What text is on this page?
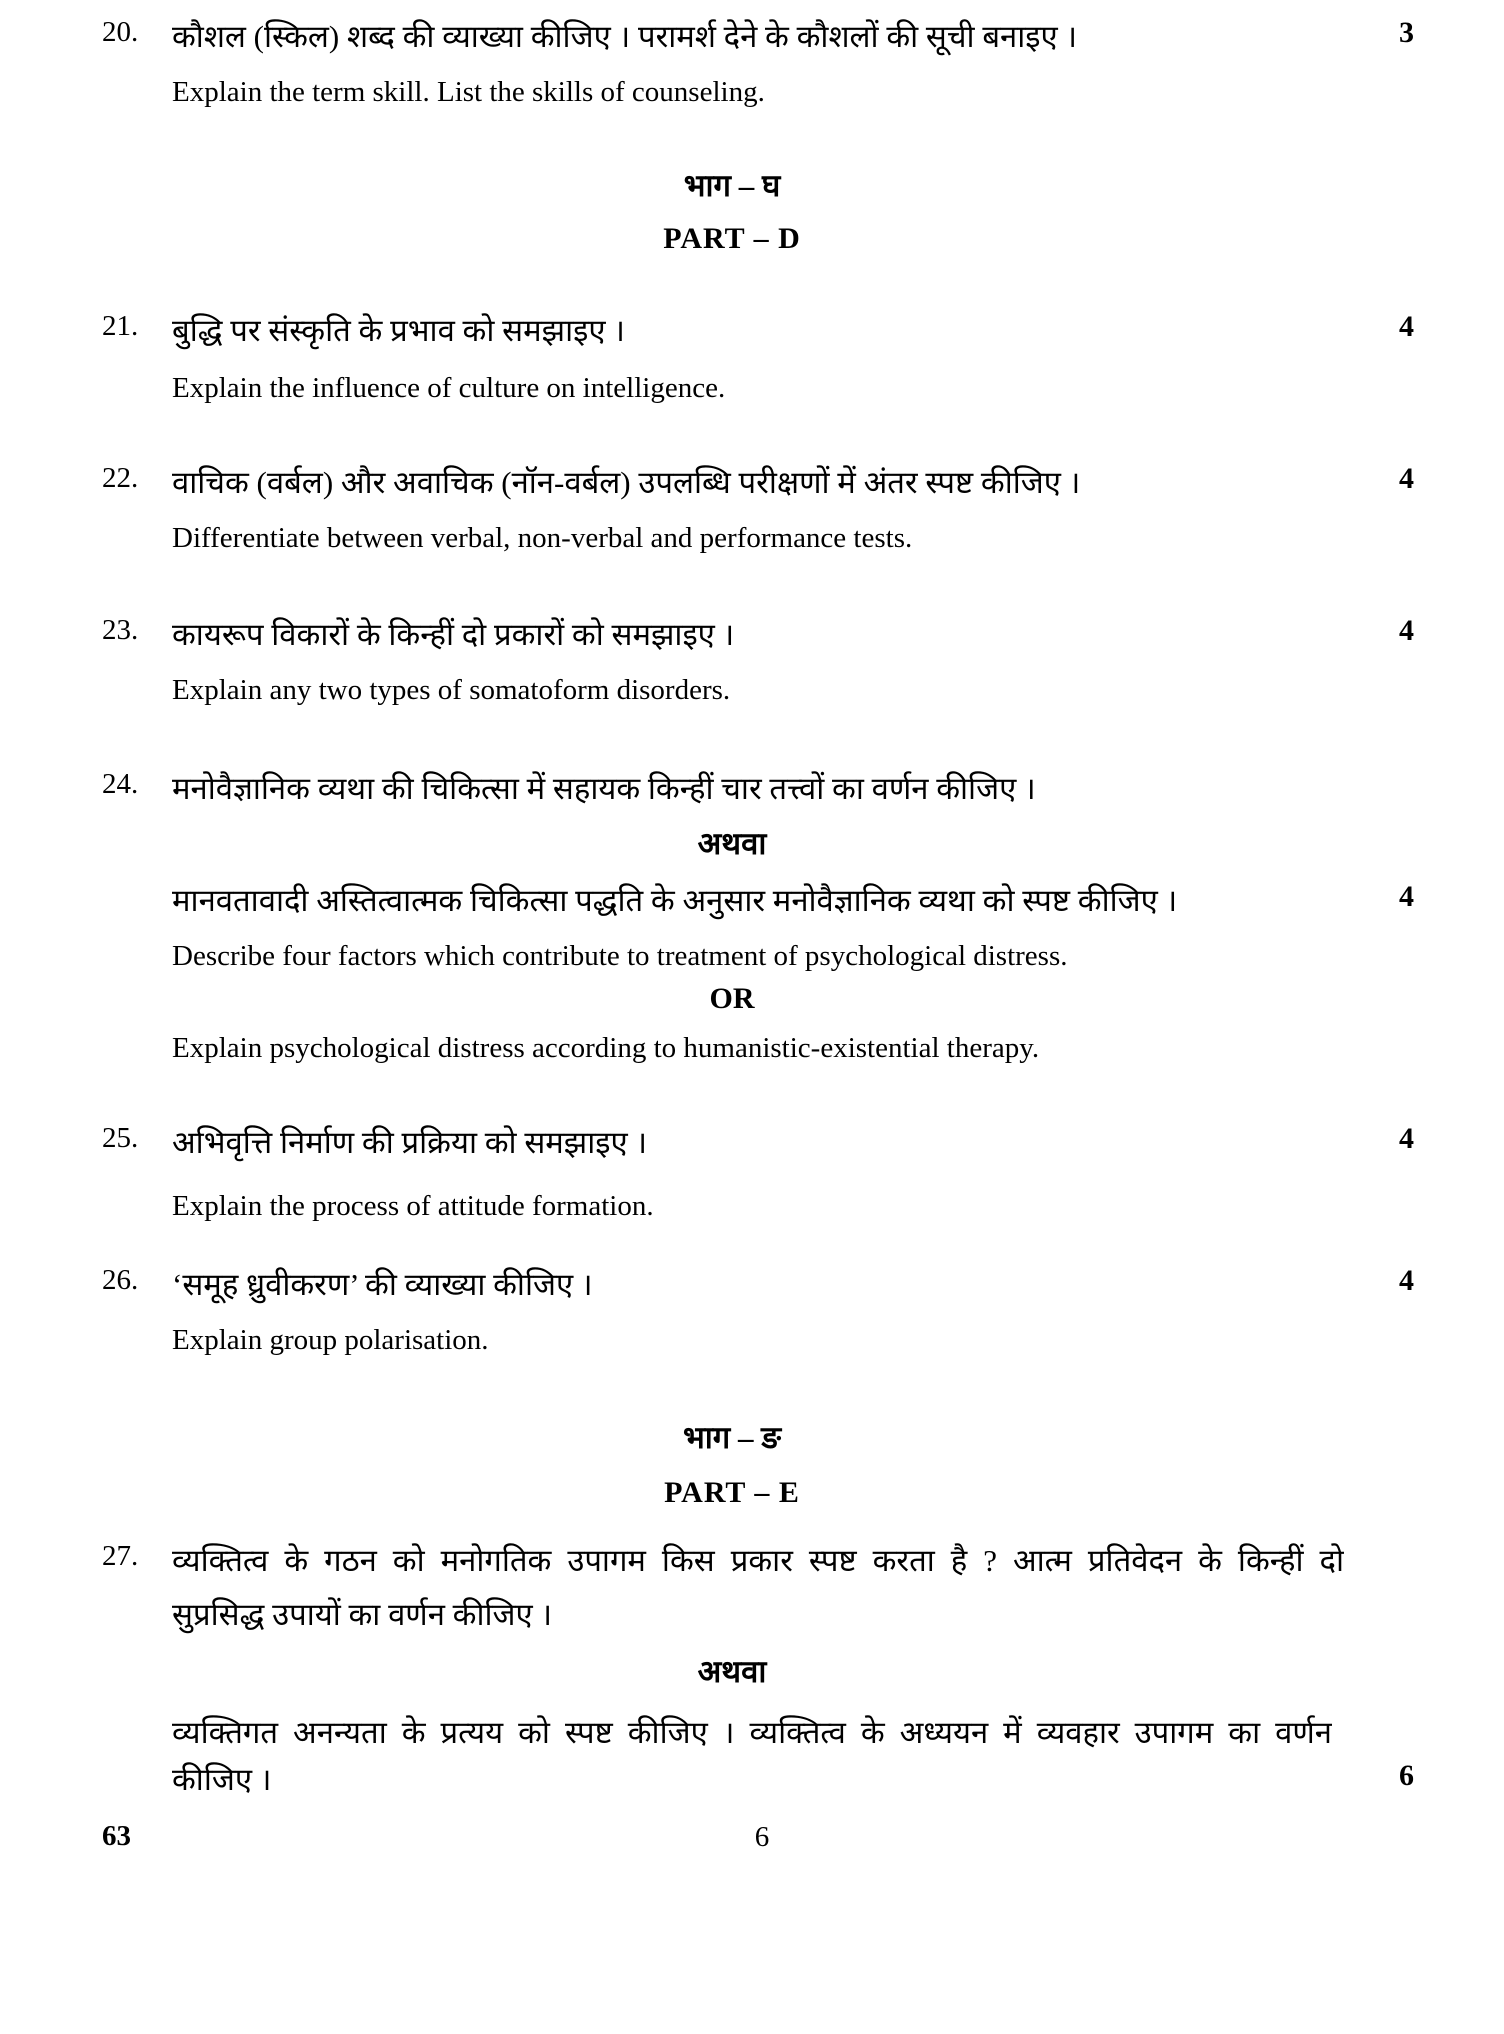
20. कौशल (स्किल) शब्द की व्याख्या कीजिए । परामर्श देने के कौशलों की सूची बनाइए ।	3
Explain the term skill. List the skills of counseling.
भाग – घ
PART – D
21. बुद्धि पर संस्कृति के प्रभाव को समझाइए ।	4
Explain the influence of culture on intelligence.
22. वाचिक (वर्बल) और अवाचिक (नॉन-वर्बल) उपलब्धि परीक्षणों में अंतर स्पष्ट कीजिए ।	4
Differentiate between verbal, non-verbal and performance tests.
23. कायरूप विकारों के किन्हीं दो प्रकारों को समझाइए ।	4
Explain any two types of somatoform disorders.
24. मनोवैज्ञानिक व्यथा की चिकित्सा में सहायक किन्हीं चार तत्त्वों का वर्णन कीजिए ।
अथवा
मानवतावादी अस्तित्वात्मक चिकित्सा पद्धति के अनुसार मनोवैज्ञानिक व्यथा को स्पष्ट कीजिए ।	4
Describe four factors which contribute to treatment of psychological distress.
OR
Explain psychological distress according to humanistic-existential therapy.
25. अभिवृत्ति निर्माण की प्रक्रिया को समझाइए ।	4
Explain the process of attitude formation.
26. ‘समूह ध्रुवीकरण’ की व्याख्या कीजिए ।	4
Explain group polarisation.
भाग – ङ
PART – E
27. व्यक्तित्व के गठन को मनोगतिक उपागम किस प्रकार स्पष्ट करता है ? आत्म प्रतिवेदन के किन्हीं दो
सुप्रसिद्ध उपायों का वर्णन कीजिए ।
अथवा
व्यक्तिगत अनन्यता के प्रत्यय को स्पष्ट कीजिए । व्यक्तित्व के अध्ययन में व्यवहार उपागम का वर्णन
कीजिए ।	6
63	6
